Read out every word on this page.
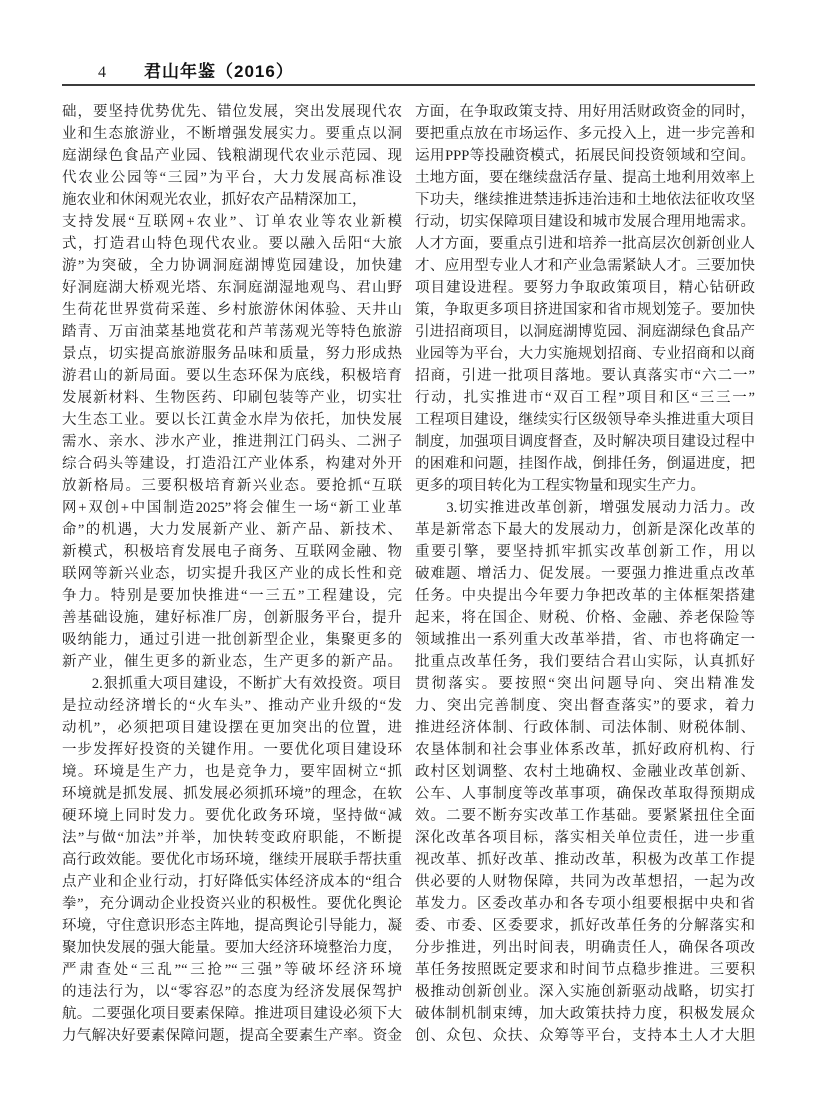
4 君山年鉴（2016）
础，要坚持优势优先、错位发展，突出发展现代农
业和生态旅游业，不断增强发展实力。要重点以洞
庭湖绿色食品产业园、钱粮湖现代农业示范园、现
代农业公园等“三园”为平台，大力发展高标准设
施农业和休闲观光农业，抓好农产品精深加工，
支持发展“互联网+农业”、订单农业等农业新模
式，打造君山特色现代农业。要以融入岳阳“大旅
游”为突破，全力协调洞庭湖博览园建设，加快建
好洞庭湖大桥观光塔、东洞庭湖湿地观鸟、君山野
生荷花世界赏荷采莲、乡村旅游休闲体验、天井山
踏青、万亩油菜基地赏花和芦苇荡观光等特色旅游
景点，切实提高旅游服务品味和质量，努力形成热
游君山的新局面。要以生态环保为底线，积极培育
发展新材料、生物医药、印刷包装等产业，切实壮
大生态工业。要以长江黄金水岸为依托，加快发展
需水、亲水、涉水产业，推进荆江门码头、二洲子
综合码头等建设，打造沿江产业体系，构建对外开
放新格局。三要积极培育新兴业态。要抢抓“互联
网+双创+中国制造2025”将会催生一场“新工业革
命”的机遇，大力发展新产业、新产品、新技术、
新模式，积极培育发展电子商务、互联网金融、物
联网等新兴业态，切实提升我区产业的成长性和竞
争力。特别是要加快推进“一三五”工程建设，完
善基础设施，建好标准厂房，创新服务平台，提升
吸纳能力，通过引进一批创新型企业，集聚更多的
新产业，催生更多的新业态，生产更多的新产品。
　　2.狠抓重大项目建设，不断扩大有效投资。项目
是拉动经济增长的“火车头”、推动产业升级的“发
动机”，必须把项目建设摆在更加突出的位置，进
一步发挥好投资的关键作用。一要优化项目建设环
境。环境是生产力，也是竞争力，要牢固树立“抓
环境就是抓发展、抓发展必须抓环境”的理念，在软
硬环境上同时发力。要优化政务环境，坚持做“减
法”与做“加法”并举，加快转变政府职能，不断提
高行政效能。要优化市场环境，继续开展联手帮扶重
点产业和企业行动，打好降低实体经济成本的“组合
拳”，充分调动企业投资兴业的积极性。要优化舆论
环境，守住意识形态主阵地，提高舆论引导能力，凝
聚加快发展的强大能量。要加大经济环境整治力度，
严肃查处“三乱”“三抢”“三强”等破坏经济环境
的违法行为，以“零容忍”的态度为经济发展保驾护
航。二要强化项目要素保障。推进项目建设必须下大
力气解决好要素保障问题，提高全要素生产率。资金
方面，在争取政策支持、用好用活财政资金的同时，
要把重点放在市场运作、多元投入上，进一步完善和
运用PPP等投融资模式，拓展民间投资领域和空间。
土地方面，要在继续盘活存量、提高土地利用效率上
下功夫，继续推进禁违拆违治违和土地依法征收攻坚
行动，切实保障项目建设和城市发展合理用地需求。
人才方面，要重点引进和培养一批高层次创新创业人
才、应用型专业人才和产业急需紧缺人才。三要加快
项目建设进程。要努力争取政策项目，精心钻研政
策，争取更多项目挤进国家和省市规划笼子。要加快
引进招商项目，以洞庭湖博览园、洞庭湖绿色食品产
业园等为平台，大力实施规划招商、专业招商和以商
招商，引进一批项目落地。要认真落实市“六二一”
行动，扎实推进市“双百工程”项目和区“三三一”
工程项目建设，继续实行区级领导牵头推进重大项目
制度，加强项目调度督查，及时解决项目建设过程中
的困难和问题，挂图作战，倒排任务，倒逼进度，把
更多的项目转化为工程实物量和现实生产力。
　　3.切实推进改革创新，增强发展动力活力。改
革是新常态下最大的发展动力，创新是深化改革的
重要引擎，要坚持抓牢抓实改革创新工作，用以
破难题、增活力、促发展。一要强力推进重点改革
任务。中央提出今年要力争把改革的主体框架搭建
起来，将在国企、财税、价格、金融、养老保险等
领域推出一系列重大改革举措，省、市也将确定一
批重点改革任务，我们要结合君山实际，认真抓好
贯彻落实。要按照“突出问题导向、突出精准发
力、突出完善制度、突出督查落实”的要求，着力
推进经济体制、行政体制、司法体制、财税体制、
农垦体制和社会事业体系改革，抓好政府机构、行
政村区划调整、农村土地确权、金融业改革创新、
公车、人事制度等改革事项，确保改革取得预期成
效。二要不断夯实改革工作基础。要紧紧扭住全面
深化改革各项目标，落实相关单位责任，进一步重
视改革、抓好改革、推动改革，积极为改革工作提
供必要的人财物保障，共同为改革想招，一起为改
革发力。区委改革办和各专项小组要根据中央和省
委、市委、区委要求，抓好改革任务的分解落实和
分步推进，列出时间表，明确责任人，确保各项改
革任务按照既定要求和时间节点稳步推进。三要积
极推动创新创业。深入实施创新驱动战略，切实打
破体制机制束缚，加大政策扶持力度，积极发展众
创、众包、众扶、众筹等平台，支持本土人才大胆
